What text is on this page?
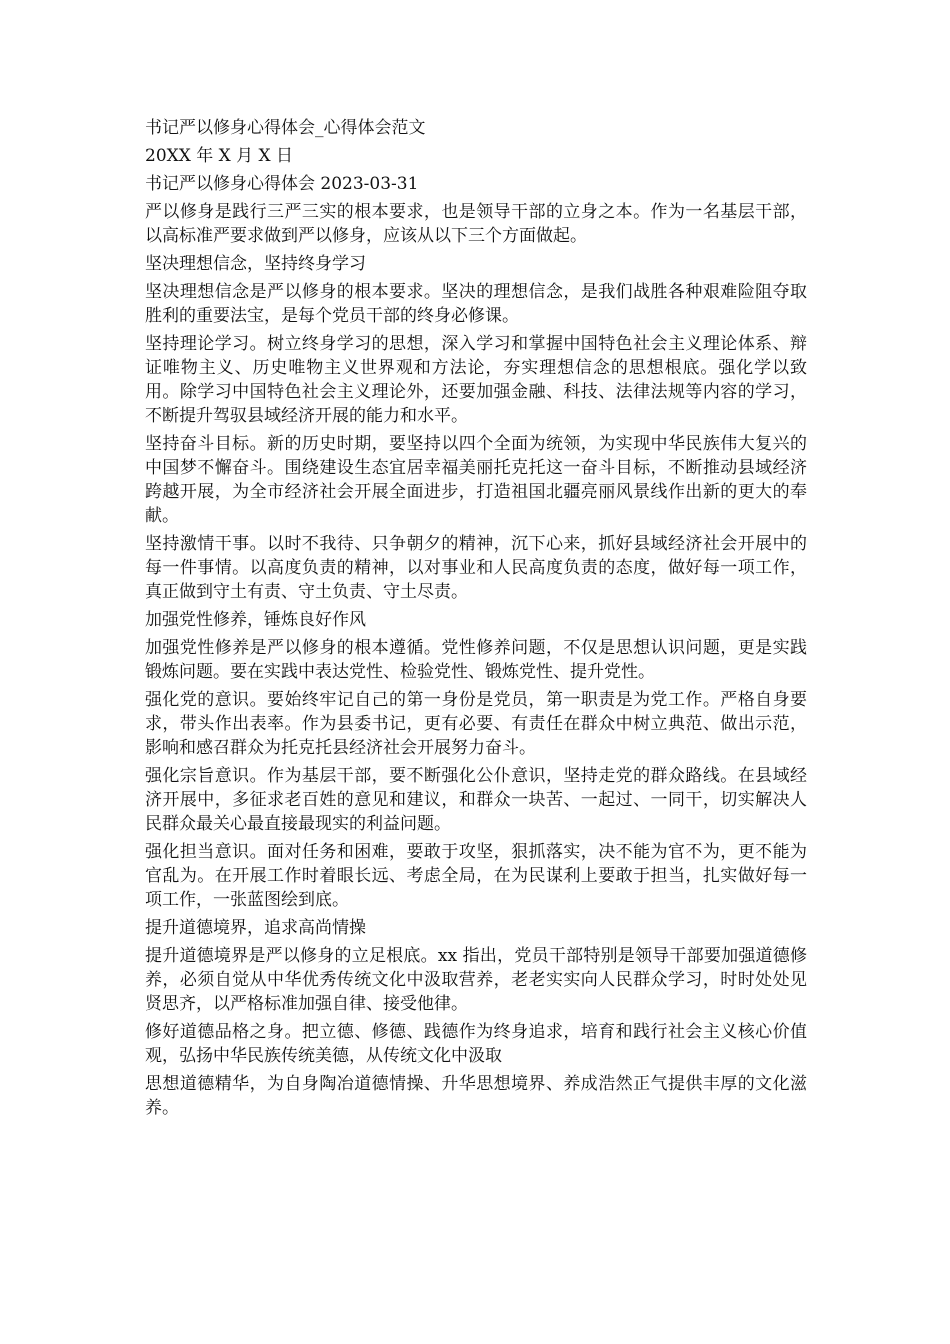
书记严以修身心得体会_心得体会范文
20XX 年 X 月 X 日
书记严以修身心得体会 2023-03-31

严以修身是践行三严三实的根本要求，也是领导干部的立身之本。作为一名基层干部，以高标准严要求做到严以修身，应该从以下三个方面做起。

坚决理想信念，坚持终身学习

坚决理想信念是严以修身的根本要求。坚决的理想信念，是我们战胜各种艰难险阻夺取胜利的重要法宝，是每个党员干部的终身必修课。

坚持理论学习。树立终身学习的思想，深入学习和掌握中国特色社会主义理论体系、辩证唯物主义、历史唯物主义世界观和方法论，夯实理想信念的思想根底。强化学以致用。除学习中国特色社会主义理论外，还要加强金融、科技、法律法规等内容的学习，不断提升驾驭县域经济开展的能力和水平。

坚持奋斗目标。新的历史时期，要坚持以四个全面为统领，为实现中华民族伟大复兴的中国梦不懈奋斗。围绕建设生态宜居幸福美丽托克托这一奋斗目标，不断推动县域经济跨越开展，为全市经济社会开展全面进步，打造祖国北疆亮丽风景线作出新的更大的奉献。

坚持激情干事。以时不我待、只争朝夕的精神，沉下心来，抓好县域经济社会开展中的每一件事情。以高度负责的精神，以对事业和人民高度负责的态度，做好每一项工作，真正做到守土有责、守土负责、守土尽责。

加强党性修养，锤炼良好作风

加强党性修养是严以修身的根本遵循。党性修养问题，不仅是思想认识问题，更是实践锻炼问题。要在实践中表达党性、检验党性、锻炼党性、提升党性。

强化党的意识。要始终牢记自己的第一身份是党员，第一职责是为党工作。严格自身要求，带头作出表率。作为县委书记，更有必要、有责任在群众中树立典范、做出示范，影响和感召群众为托克托县经济社会开展努力奋斗。

强化宗旨意识。作为基层干部，要不断强化公仆意识，坚持走党的群众路线。在县域经济开展中，多征求老百姓的意见和建议，和群众一块苦、一起过、一同干，切实解决人民群众最关心最直接最现实的利益问题。

强化担当意识。面对任务和困难，要敢于攻坚，狠抓落实，决不能为官不为，更不能为官乱为。在开展工作时着眼长远、考虑全局，在为民谋利上要敢于担当，扎实做好每一项工作，一张蓝图绘到底。

提升道德境界，追求高尚情操

提升道德境界是严以修身的立足根底。xx 指出，党员干部特别是领导干部要加强道德修养，必须自觉从中华优秀传统文化中汲取营养，老老实实向人民群众学习，时时处处见贤思齐，以严格标准加强自律、接受他律。

修好道德品格之身。把立德、修德、践德作为终身追求，培育和践行社会主义核心价值观，弘扬中华民族传统美德，从传统文化中汲取

思想道德精华，为自身陶冶道德情操、升华思想境界、养成浩然正气提供丰厚的文化滋养。
